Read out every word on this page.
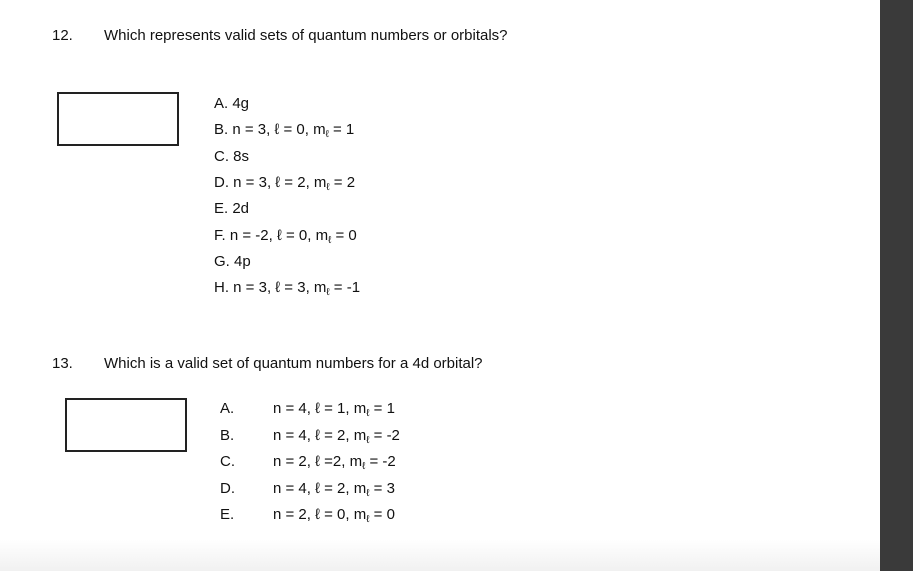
12. Which represents valid sets of quantum numbers or orbitals?
A. 4g
B. n = 3, ℓ = 0, $m_\ell = 1$
C. 8s
D. n = 3, ℓ = 2, $m_\ell = 2$
E. 2d
F. n = -2, ℓ = 0, $m_\ell = 0$
G. 4p
H. n = 3, ℓ = 3, $m_\ell = -1$
13. Which is a valid set of quantum numbers for a 4d orbital?
A.	n = 4, ℓ = 1, $m_\ell = 1$
B.	n = 4, ℓ = 2, $m_\ell = -2$
C.	n = 2, ℓ =2, $m_\ell = -2$
D.	n = 4, ℓ = 2, $m_\ell = 3$
E.	n = 2, ℓ = 0, $m_\ell = 0$
